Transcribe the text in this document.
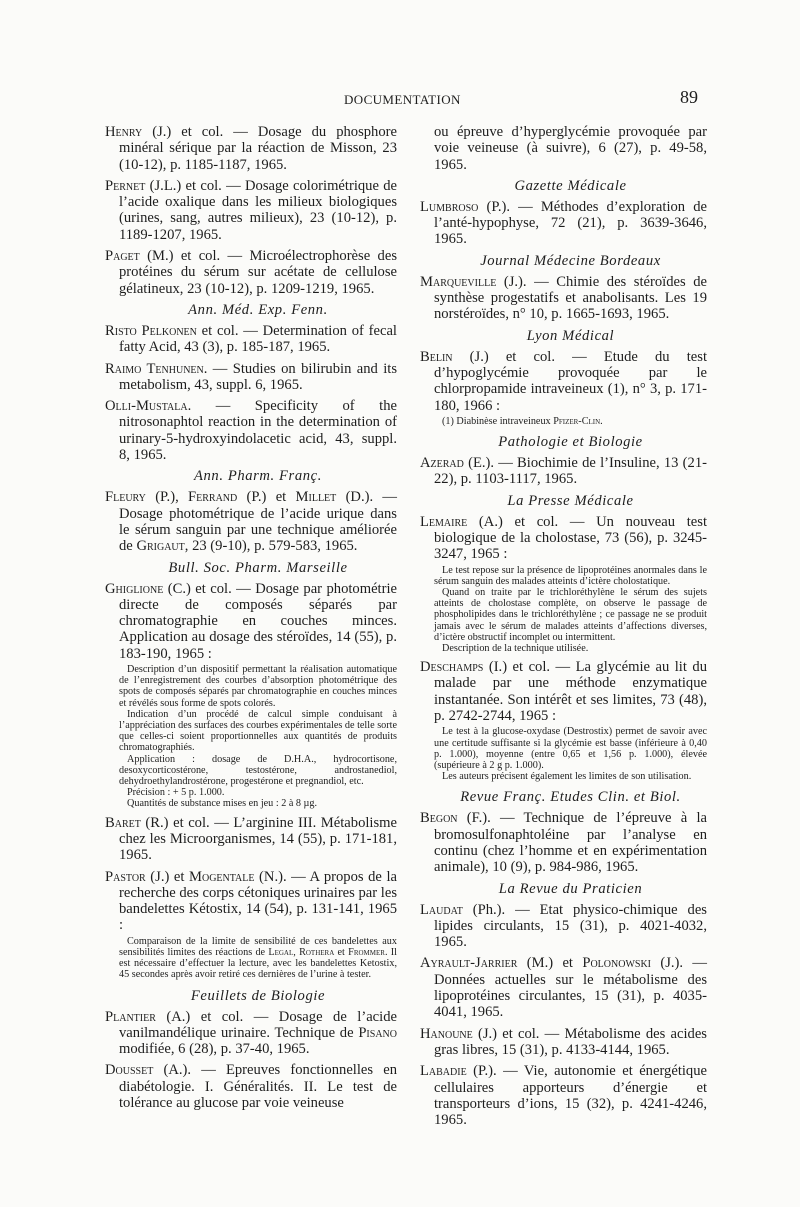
DOCUMENTATION	89

Henry (J.) et col. — Dosage du phosphore minéral sérique par la réaction de Misson, 23 (10-12), p. 1185-1187, 1965.

Pernet (J.L.) et col. — Dosage colorimétrique de l’acide oxalique dans les milieux biologiques (urines, sang, autres milieux), 23 (10-12), p. 1189-1207, 1965.

Paget (M.) et col. — Microélectrophorèse des protéines du sérum sur acétate de cellulose gélatineux, 23 (10-12), p. 1209-1219, 1965.

Ann. Méd. Exp. Fenn.

Risto Pelkonen et col. — Determination of fecal fatty Acid, 43 (3), p. 185-187, 1965.

Raimo Tenhunen. — Studies on bilirubin and its metabolism, 43, suppl. 6, 1965.

Olli-Mustala. — Specificity of the nitrosonaphtol reaction in the determination of urinary-5-hydroxyindolacetic acid, 43, suppl. 8, 1965.

Ann. Pharm. Franç.

Fleury (P.), Ferrand (P.) et Millet (D.). — Dosage photométrique de l’acide urique dans le sérum sanguin par une technique améliorée de Grigaut, 23 (9-10), p. 579-583, 1965.

Bull. Soc. Pharm. Marseille

Ghiglione (C.) et col. — Dosage par photométrie directe de composés séparés par chromatographie en couches minces. Application au dosage des stéroïdes, 14 (55), p. 183-190, 1965 :

Description d’un dispositif permettant la réalisation automatique de l’enregistrement des courbes d’absorption photométrique des spots de composés séparés par chromatographie en couches minces et révélés sous forme de spots colorés.
Indication d’un procédé de calcul simple conduisant à l’appréciation des surfaces des courbes expérimentales de telle sorte que celles-ci soient proportionnelles aux quantités de produits chromatographiés.
Application : dosage de D.H.A., hydrocortisone, desoxycorticostérone, testostérone, androstanediol, dehydroethylandrostérone, progestérone et pregnandiol, etc.
Précision : + 5 p. 1.000.
Quantités de substance mises en jeu : 2 à 8 µg.

Baret (R.) et col. — L’arginine III. Métabolisme chez les Microorganismes, 14 (55), p. 171-181, 1965.

Pastor (J.) et Mogentale (N.). — A propos de la recherche des corps cétoniques urinaires par les bandelettes Kétostix, 14 (54), p. 131-141, 1965 :

Comparaison de la limite de sensibilité de ces bandelettes aux sensibilités limites des réactions de Legal, Rothera et Frommer. Il est nécessaire d’effectuer la lecture, avec les bandelettes Ketostix, 45 secondes après avoir retiré ces dernières de l’urine à tester.
Feuillets de Biologie

Plantier (A.) et col. — Dosage de l’acide vanilmandélique urinaire. Technique de Pisano modifiée, 6 (28), p. 37-40, 1965.

Dousset (A.). — Epreuves fonctionnelles en diabétologie. I. Généralités. II. Le test de tolérance au glucose par voie veineuse

ou épreuve d’hyperglycémie provoquée par voie veineuse (à suivre), 6 (27), p. 49-58, 1965.

Gazette Médicale

Lumbroso (P.). — Méthodes d’exploration de l’anté-hypophyse, 72 (21), p. 3639-3646, 1965.

Journal Médecine Bordeaux

Marqueville (J.). — Chimie des stéroïdes de synthèse progestatifs et anabolisants. Les 19 norstéroïdes, n° 10, p. 1665-1693, 1965.

Lyon Médical

Belin (J.) et col. — Etude du test d’hypoglycémie provoquée par le chlorpropamide intraveineux (1), n° 3, p. 171-180, 1966 :

(1) Diabinèse intraveineux Pfizer-Clin.
Pathologie et Biologie

Azerad (E.). — Biochimie de l’Insuline, 13 (21-22), p. 1103-1117, 1965.

La Presse Médicale

Lemaire (A.) et col. — Un nouveau test biologique de la cholostase, 73 (56), p. 3245-3247, 1965 :

Le test repose sur la présence de lipoprotéines anormales dans le sérum sanguin des malades atteints d’ictère cholostatique.
Quand on traite par le trichloréthylène le sérum des sujets atteints de cholostase complète, on observe le passage de phospholipides dans le trichloréthylène ; ce passage ne se produit jamais avec le sérum de malades atteints d’affections diverses, d’ictère obstructif incomplet ou intermittent.
Description de la technique utilisée.

Deschamps (I.) et col. — La glycémie au lit du malade par une méthode enzymatique instantanée. Son intérêt et ses limites, 73 (48), p. 2742-2744, 1965 :

Le test à la glucose-oxydase (Destrostix) permet de savoir avec une certitude suffisante si la glycémie est basse (inférieure à 0,40 p. 1.000), moyenne (entre 0,65 et 1,56 p. 1.000), élevée (supérieure à 2 g p. 1.000).
Les auteurs précisent également les limites de son utilisation.
Revue Franç. Etudes Clin. et Biol.

Begon (F.). — Technique de l’épreuve à la bromosulfonaphtoléine par l’analyse en continu (chez l’homme et en expérimentation animale), 10 (9), p. 984-986, 1965.

La Revue du Praticien

Laudat (Ph.). — Etat physico-chimique des lipides circulants, 15 (31), p. 4021-4032, 1965.

Ayrault-Jarrier (M.) et Polonowski (J.). — Données actuelles sur le métabolisme des lipoprotéines circulantes, 15 (31), p. 4035-4041, 1965.

Hanoune (J.) et col. — Métabolisme des acides gras libres, 15 (31), p. 4133-4144, 1965.

Labadie (P.). — Vie, autonomie et énergétique cellulaires apporteurs d’énergie et transporteurs d’ions, 15 (32), p. 4241-4246, 1965.
